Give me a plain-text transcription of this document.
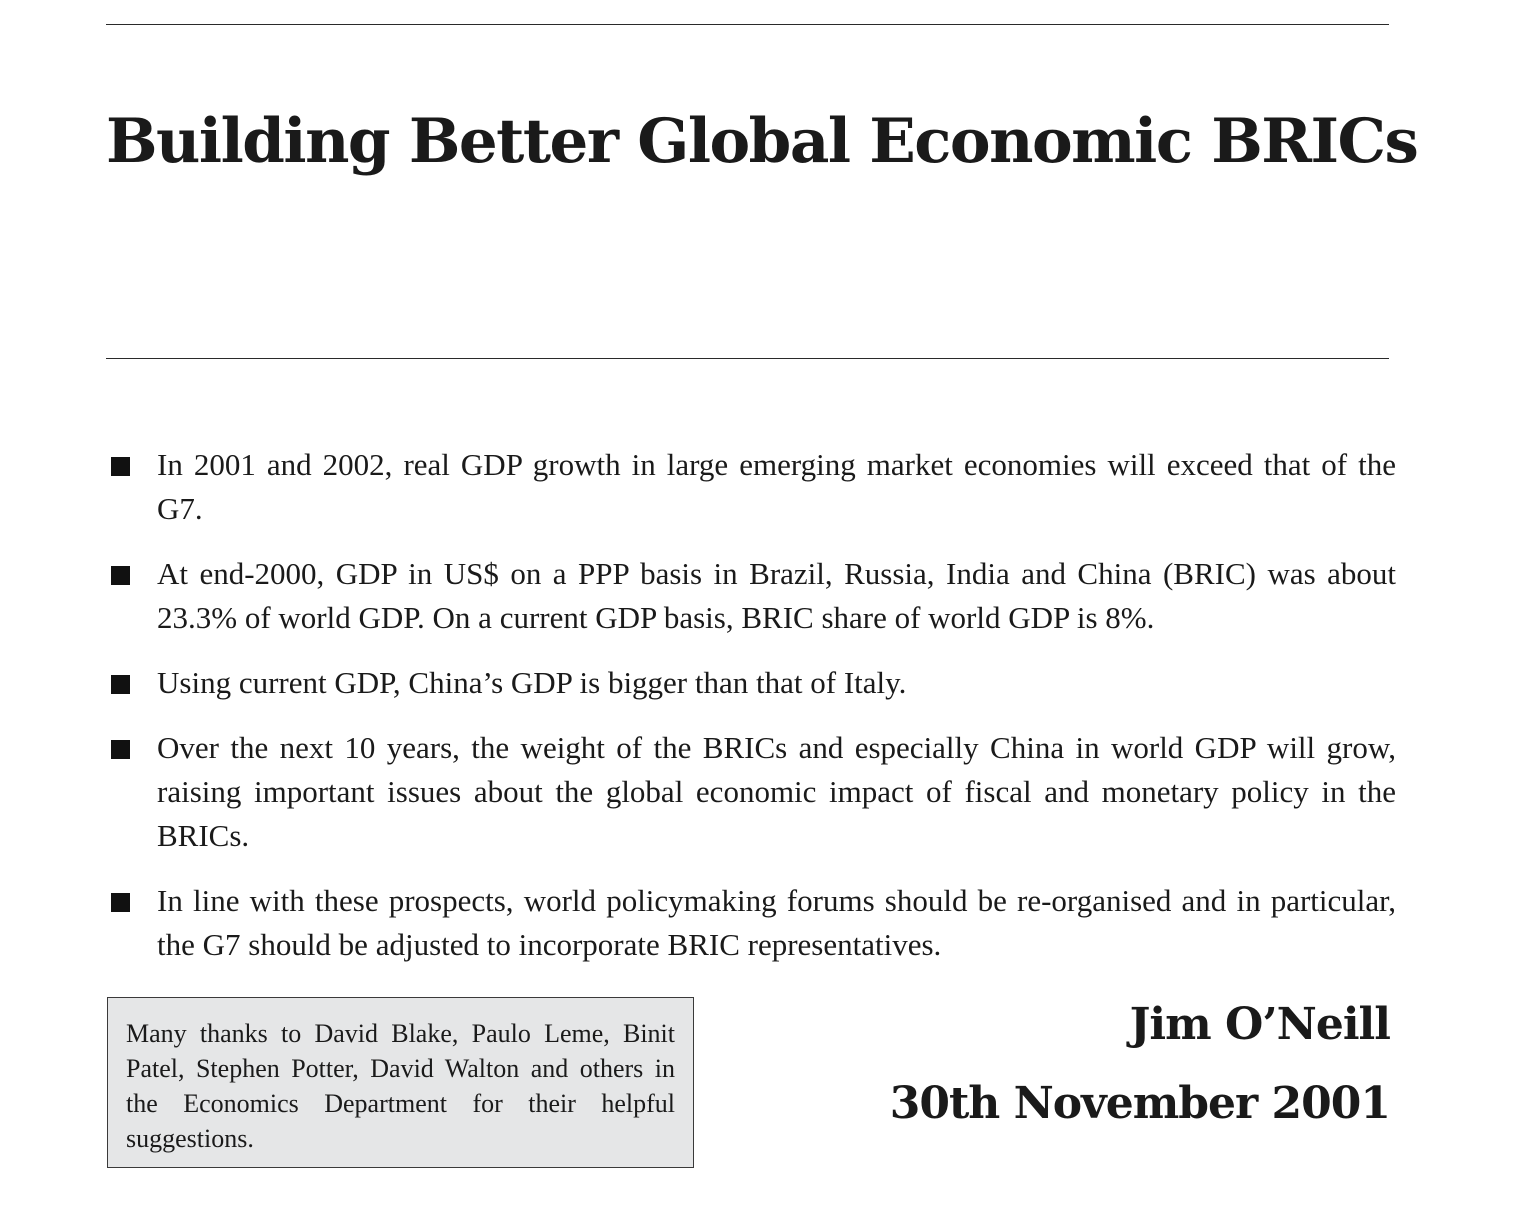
Building Better Global Economic BRICs
In 2001 and 2002, real GDP growth in large emerging market economies will exceed that of the G7.
At end-2000, GDP in US$ on a PPP basis in Brazil, Russia, India and China (BRIC) was about 23.3% of world GDP. On a current GDP basis, BRIC share of world GDP is 8%.
Using current GDP, China’s GDP is bigger than that of Italy.
Over the next 10 years, the weight of the BRICs and especially China in world GDP will grow, raising important issues about the global economic impact of fiscal and monetary policy in the BRICs.
In line with these prospects, world policymaking forums should be re-organised and in particular, the G7 should be adjusted to incorporate BRIC representatives.
Many thanks to David Blake, Paulo Leme, Binit Patel, Stephen Potter, David Walton and others in the Economics Department for their helpful suggestions.

Jim O’Neill

30th November 2001
